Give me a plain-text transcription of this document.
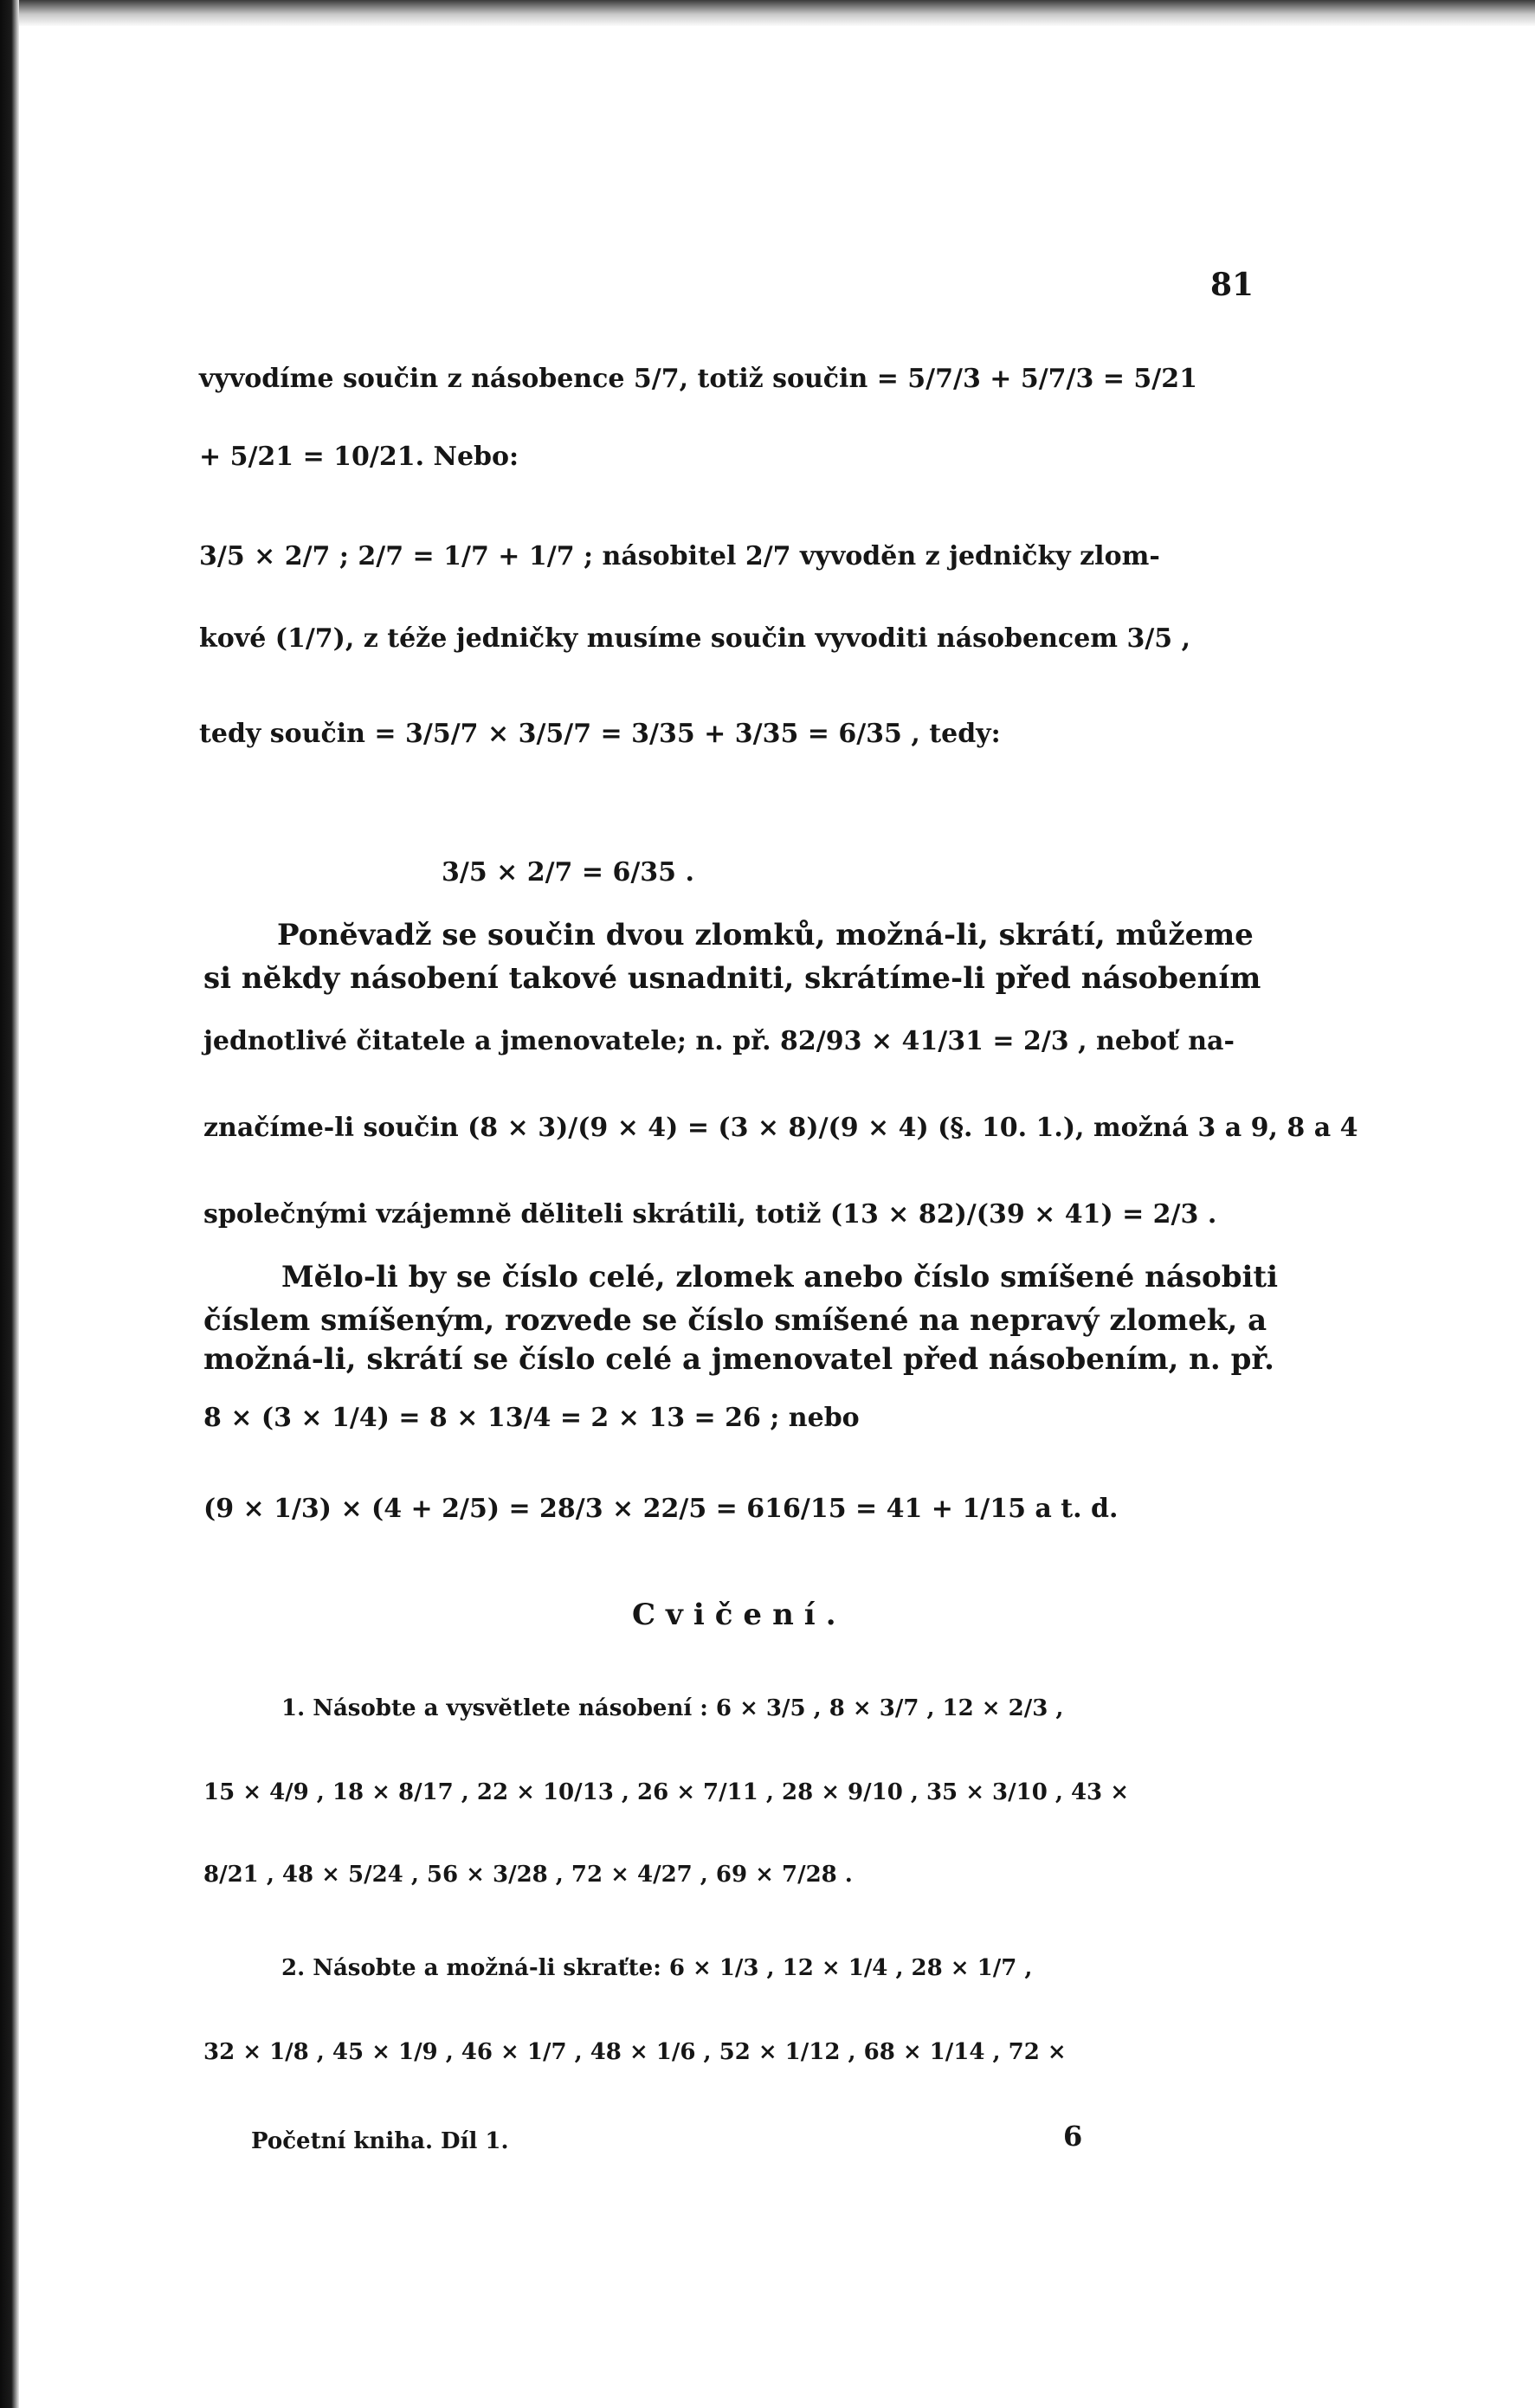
81
vyvodíme součin z násobence 5/7, totiž součin = 5/7/3 + 5/7/3 = 5/21
+ 5/21 = 10/21. Nebo:
3/5 × 2/7 ; 2/7 = 1/7 + 1/7 ; násobitel 2/7 vyvodĕn z jedničky zlom-
kové (1/7), z téže jedničky musíme součin vyvoditi násobencem 3/5 ,
tedy součin = 3/5/7 × 3/5/7 = 3/35 + 3/35 = 6/35 , tedy:
3/5 × 2/7 = 6/35 .
Ponĕvadž se součin dvou zlomků, možná-li, skrátí, můžeme
si nĕkdy násobení takové usnadniti, skrátíme-li před násobením
jednotlivé čitatele a jmenovatele; n. př. 82/93 × 41/31 = 2/3 , neboť na-
značíme-li součin (8 × 3)/(9 × 4) = (3 × 8)/(9 × 4) (§. 10. 1.), možná 3 a 9, 8 a 4
společnými vzájemnĕ dĕliteli skrátili, totiž (13 × 82)/(39 × 41) = 2/3 .
Mĕlo-li by se číslo celé, zlomek anebo číslo smíšené násobiti
číslem smíšeným, rozvede se číslo smíšené na nepravý zlomek, a
možná-li, skrátí se číslo celé a jmenovatel před násobením, n. př.
8 × (3 × 1/4) = 8 × 13/4 = 2 × 13 = 26 ; nebo
(9 × 1/3) × (4 + 2/5) = 28/3 × 22/5 = 616/15 = 41 + 1/15 a t. d.
Cvičení.
1. Násobte a vysvĕtlete násobení : 6 × 3/5 , 8 × 3/7 , 12 × 2/3 ,
15 × 4/9 , 18 × 8/17 , 22 × 10/13 , 26 × 7/11 , 28 × 9/10 , 35 × 3/10 , 43 ×
8/21 , 48 × 5/24 , 56 × 3/28 , 72 × 4/27 , 69 × 7/28 .
2. Násobte a možná-li skraťte: 6 × 1/3 , 12 × 1/4 , 28 × 1/7 ,
32 × 1/8 , 45 × 1/9 , 46 × 1/7 , 48 × 1/6 , 52 × 1/12 , 68 × 1/14 , 72 ×
Početní kniha. Díl 1.	6
